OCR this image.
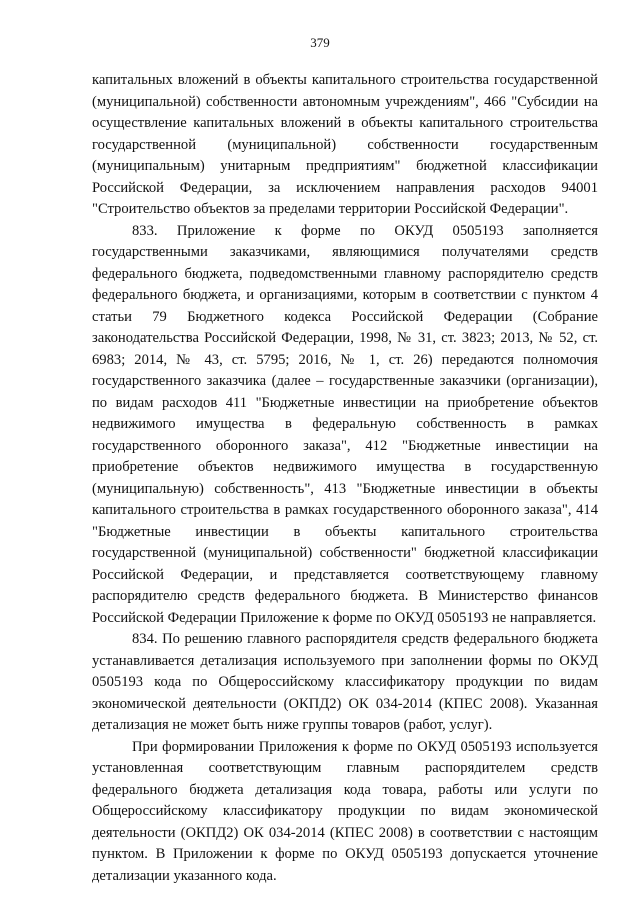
379

капитальных вложений в объекты капитального строительства государственной (муниципальной) собственности автономным учреждениям", 466 "Субсидии на осуществление капитальных вложений в объекты капитального строительства государственной (муниципальной) собственности государственным (муниципальным) унитарным предприятиям" бюджетной классификации Российской Федерации, за исключением направления расходов 94001 "Строительство объектов за пределами территории Российской Федерации".

833. Приложение к форме по ОКУД 0505193 заполняется государственными заказчиками, являющимися получателями средств федерального бюджета, подведомственными главному распорядителю средств федерального бюджета, и организациями, которым в соответствии с пунктом 4 статьи 79 Бюджетного кодекса Российской Федерации (Собрание законодательства Российской Федерации, 1998, № 31, ст. 3823; 2013, № 52, ст. 6983; 2014, № 43, ст. 5795; 2016, № 1, ст. 26) передаются полномочия государственного заказчика (далее – государственные заказчики (организации), по видам расходов 411 "Бюджетные инвестиции на приобретение объектов недвижимого имущества в федеральную собственность в рамках государственного оборонного заказа", 412 "Бюджетные инвестиции на приобретение объектов недвижимого имущества в государственную (муниципальную) собственность", 413 "Бюджетные инвестиции в объекты капитального строительства в рамках государственного оборонного заказа", 414 "Бюджетные инвестиции в объекты капитального строительства государственной (муниципальной) собственности" бюджетной классификации Российской Федерации, и представляется соответствующему главному распорядителю средств федерального бюджета. В Министерство финансов Российской Федерации Приложение к форме по ОКУД 0505193 не направляется.

834. По решению главного распорядителя средств федерального бюджета устанавливается детализация используемого при заполнении формы по ОКУД 0505193 кода по Общероссийскому классификатору продукции по видам экономической деятельности (ОКПД2) ОК 034-2014 (КПЕС 2008). Указанная детализация не может быть ниже группы товаров (работ, услуг).

При формировании Приложения к форме по ОКУД 0505193 используется установленная соответствующим главным распорядителем средств федерального бюджета детализация кода товара, работы или услуги по Общероссийскому классификатору продукции по видам экономической деятельности (ОКПД2) ОК 034-2014 (КПЕС 2008) в соответствии с настоящим пунктом. В Приложении к форме по ОКУД 0505193 допускается уточнение детализации указанного кода.
